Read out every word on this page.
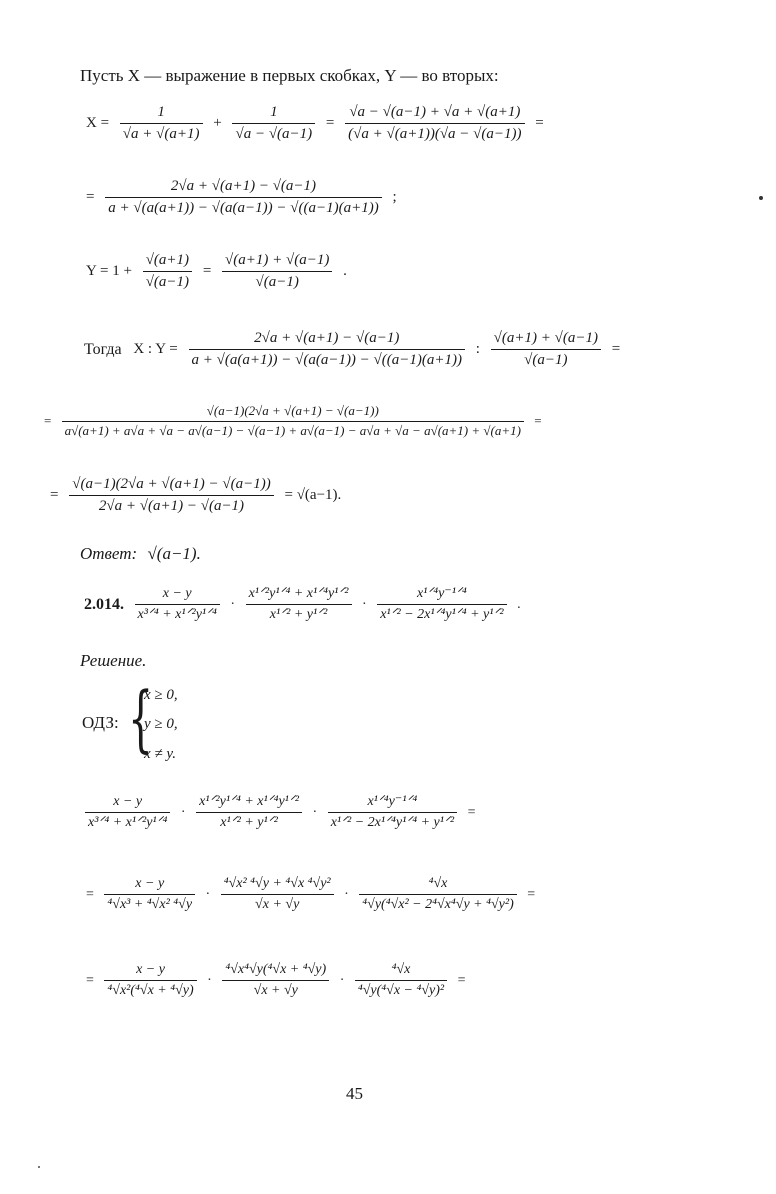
Пусть X — выражение в первых скобках, Y — во вторых:
$X = \frac{1}{√a + √(a+1)} + \frac{1}{√a - √(a-1)} = \frac{√a - √(a-1) + √a + √(a+1)}{(√a + √(a+1))(√a - √(a-1))}$ =
= $\frac{2√a + √(a+1) - √(a-1)}{a + √(a(a+1)) - √(a(a-1)) - √((a-1)(a+1))}$ ;
$Y = 1 + \frac{√(a+1)}{√(a-1)} = \frac{√(a+1) + √(a-1)}{√(a-1)}$ .
Тогда X : $Y = \frac{2√a + √(a+1) - √(a-1)}{a + √(a(a+1)) - √(a(a-1)) - √((a-1)(a+1))}$ : $\frac{√(a+1) + √(a-1)}{√(a-1)}$ =
=
√(a−1)(2√a + √(a+1) − √(a−1))
a√(a+1) + a√a + √a − a√(a−1) − √(a−1) + a√(a−1) − a√a + √a − a√(a+1) + √(a+1)
=
= $\frac{√(a-1)(2√a + √(a+1) - √(a-1))}{2√a + √(a+1) - √(a-1)} = √(a-1)$.
Ответ: √(a−1).
2.014. $\frac{x - y}{\text{x³ᐟ⁴ + x¹ᐟ²y¹ᐟ⁴}} \cdot \frac{\text{x¹ᐟ²y¹ᐟ⁴ + x¹ᐟ⁴y¹ᐟ²}}{\text{x¹ᐟ² + y¹ᐟ²}} \cdot \frac{\text{x¹ᐟ⁴y⁻¹ᐟ⁴}}{\text{x¹ᐟ² − 2x¹ᐟ⁴y¹ᐟ⁴ + y¹ᐟ²}}$ .
Решение.
ОДЗ: {
x ≥ 0,
y ≥ 0,
x ≠ y.
$\frac{x - y}{\text{x³ᐟ⁴ + x¹ᐟ²y¹ᐟ⁴}} \cdot \frac{\text{x¹ᐟ²y¹ᐟ⁴ + x¹ᐟ⁴y¹ᐟ²}}{\text{x¹ᐟ² + y¹ᐟ²}} \cdot \frac{\text{x¹ᐟ⁴y⁻¹ᐟ⁴}}{\text{x¹ᐟ² − 2x¹ᐟ⁴y¹ᐟ⁴ + y¹ᐟ²}}$ =
= $\frac{x - y}{\text{⁴√x³ + ⁴√x² ⁴√y}} \cdot \frac{\text{⁴√x² ⁴√y + ⁴√x ⁴√y²}}{√x + √y} \cdot \frac{\text{⁴√x}}{\text{⁴√y(⁴√x² − 2⁴√x⁴√y + ⁴√y²)}}$ =
= $\frac{x - y}{\text{⁴√x²(⁴√x + ⁴√y)}} \cdot \frac{\text{⁴√x⁴√y(⁴√x + ⁴√y)}}{√x + √y} \cdot \frac{\text{⁴√x}}{\text{⁴√y(⁴√x − ⁴√y)²}}$ =
45
